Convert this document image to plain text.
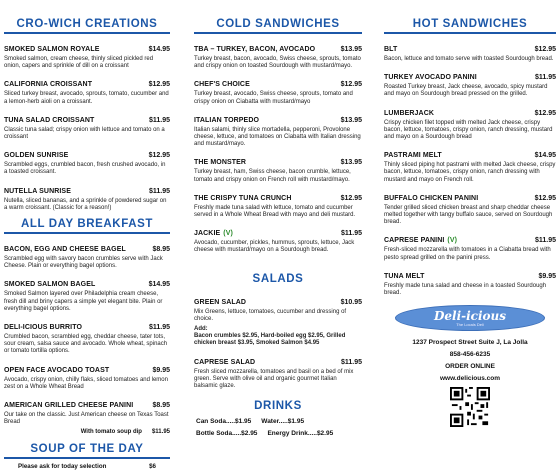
CRO-WICH CREATIONS
SMOKED SALMON ROYALE	$14.95
Smoked salmon, cream cheese, thinly sliced pickled red onion, capers and sprinkle of dill on a croissant
CALIFORNIA CROISSANT	$12.95
Sliced turkey breast, avocado, sprouts, tomato, cucumber and a lemon-herb aioli on a croissant.
TUNA SALAD CROISSANT	$11.95
Classic tuna salad; crispy onion with lettuce and tomato on a croissant
GOLDEN SUNRISE	$12.95
Scrambled eggs, crumbled bacon, fresh crushed avocado, in a toasted croissant.
NUTELLA SUNRISE	$11.95
Nutella, sliced bananas, and a sprinkle of powdered sugar on a warm croissant. (Classic for a reason!)
ALL DAY BREAKFAST
BACON, EGG AND CHEESE BAGEL	$8.95
Scrambled egg with savory bacon crumbles serve with Jack Cheese. Plain or everything bagel options.
SMOKED SALMON BAGEL	$14.95
Smoked Salmon layered over Philadelphia cream cheese, fresh dill and briny capers a simple yet elegant bite. Plain or everything bagel options.
DELI-ICIOUS BURRITO	$11.95
Crumbled bacon, scrambled egg, cheddar cheese, tater tots, sour cream, salsa sauce and avocado. Whole wheat, spinach or tomato tortilla options.
OPEN FACE AVOCADO TOAST	$9.95
Avocado, crispy onion, chilly flaks, sliced tomatoes and lemon zest on a Whole Wheat Bread
AMERICAN GRILLED CHEESE PANINI	$8.95
Our take on the classic. Just American cheese on Texas Toast Bread
With tomato soup dip $11.95
SOUP OF THE DAY
Please ask for today selection	$6
COLD SANDWICHES
TBA – TURKEY, BACON, AVOCADO	$13.95
Turkey breast, bacon, avocado, Swiss cheese, sprouts, tomato and crispy onion on toasted Sourdough with mustard/mayo.
CHEF'S CHOICE	$12.95
Turkey breast, avocado, Swiss cheese, sprouts, tomato and crispy onion on Ciabatta with mustard/mayo
ITALIAN TORPEDO	$13.95
Italian salami, thinly slice mortadella, pepperoni, Provolone cheese, lettuce, and tomatoes on Ciabatta with Italian dressing and mustard/mayo.
THE MONSTER	$13.95
Turkey breast, ham, Swiss cheese, bacon crumble, lettuce, tomato and crispy onion on French roll with mustard/mayo.
THE CRISPY TUNA CRUNCH	$12.95
Freshly made tuna salad with lettuce, tomato and cucumber served in a Whole Wheat Bread with mayo and deli mustard.
JACKIE (V)	$11.95
Avocado, cucumber, pickles, hummus, sprouts, lettuce, Jack cheese with mustard/mayo on a Sourdough bread.
SALADS
GREEN SALAD	$10.95
Mix Greens, lettuce, tomatoes, cucumber and dressing of choice.
Add:
Bacon crumbles $2.95, Hard-boiled egg $2.95, Grilled chicken breast $3.95, Smoked Salmon $4.95
CAPRESE SALAD	$11.95
Fresh sliced mozzarella, tomatoes and basil on a bed of mix green. Serve with olive oil and organic gourmet Italian balsamic glaze.
DRINKS
Can Soda.....$1.95 Water.....$1.95
Bottle Soda.....$2.95 Energy Drink.....$2.95
HOT SANDWICHES
BLT	$12.95
Bacon, lettuce and tomato serve with toasted Sourdough bread.
TURKEY AVOCADO PANINI	$11.95
Roasted Turkey breast, Jack cheese, avocado, spicy mustard and mayo on Sourdough bread pressed on the grilled.
LUMBERJACK	$12.95
Crispy chicken filet topped with melted Jack cheese, crispy bacon, lettuce, tomatoes, crispy onion, ranch dressing, mustard and mayo on a Sourdough bread
PASTRAMI MELT	$14.95
Thinly sliced piping hot pastrami with melted Jack cheese, crispy bacon, lettuce, tomatoes, crispy onion, ranch dressing with mustard and mayo on French roll.
BUFFALO CHICKEN PANINI	$12.95
Tender grilled sliced chicken breast and sharp cheddar cheese melted together with tangy buffalo sauce, served on Sourdough bread.
CAPRESE PANINI (V)	$11.95
Fresh-sliced mozzarella with tomatoes in a Ciabatta bread with pesto spread grilled on the panini press.
TUNA MELT	$9.95
Freshly made tuna salad and cheese in a toasted Sourdough bread.
Deli-icious
The Locals Deli
1237 Prospect Street Suite J, La Jolla
858-456-6235
ORDER ONLINE
www.delicious.com
